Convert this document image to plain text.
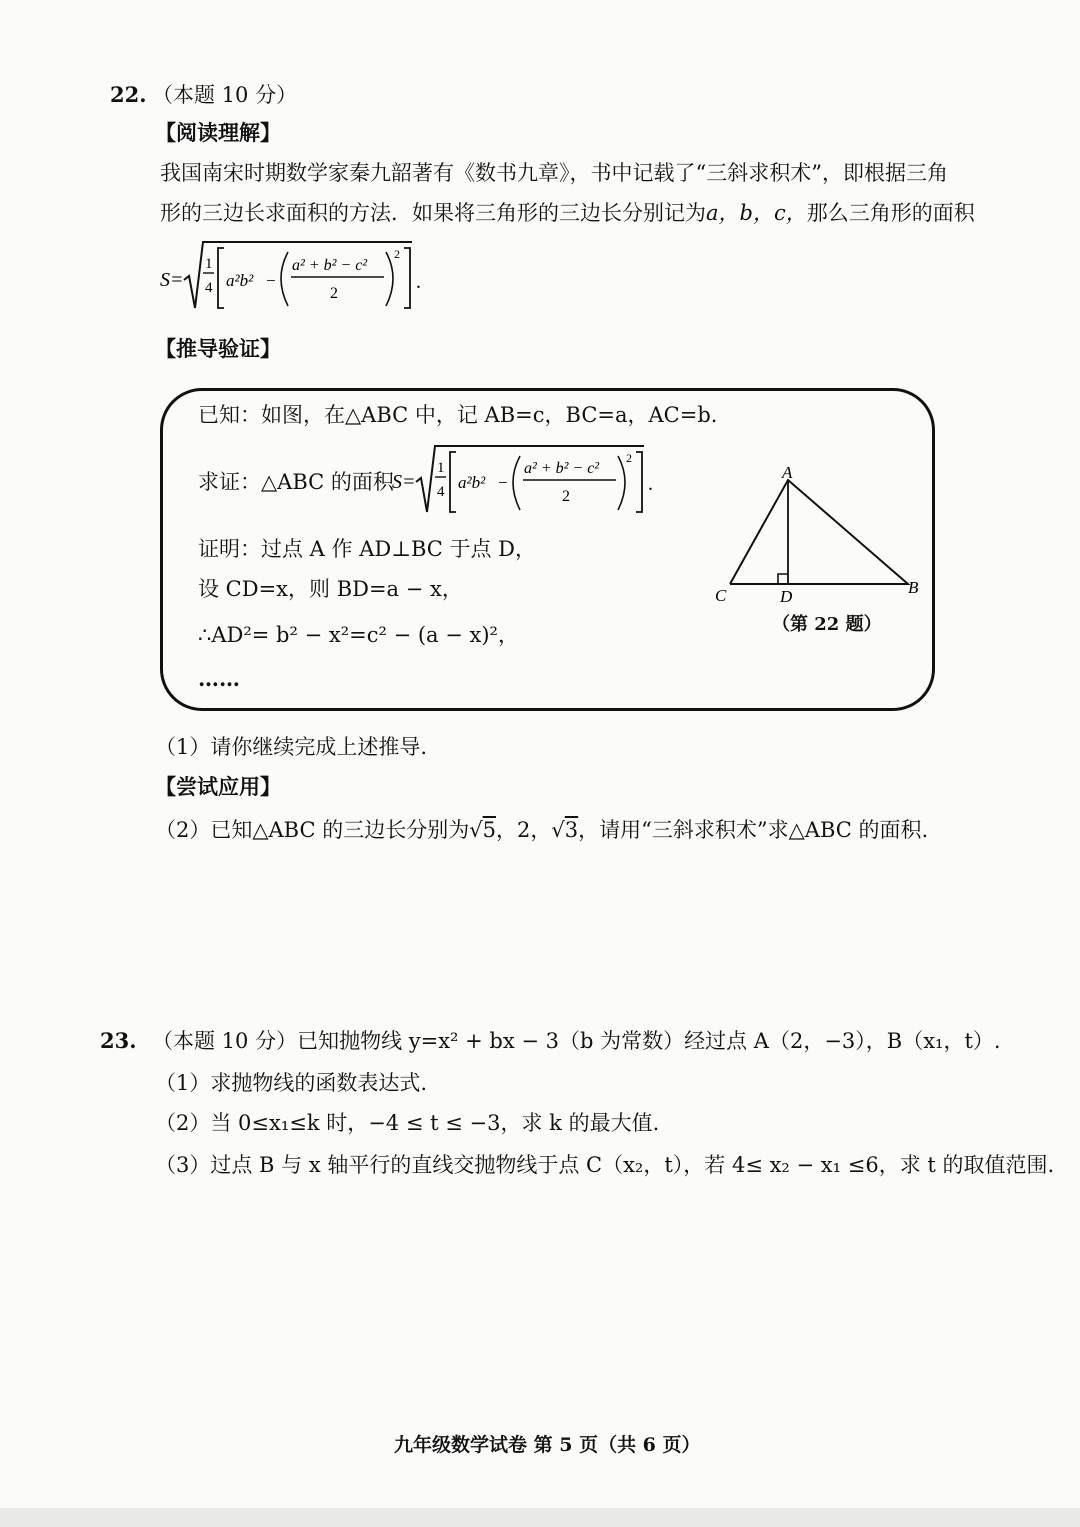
22. （本题 10 分）
【阅读理解】
我国南宋时期数学家秦九韶著有《数书九章》，书中记载了“三斜求积术”，即根据三角
形的三边长求面积的方法．如果将三角形的三边长分别记为a，b，c，那么三角形的面积
S=
1
4 a²b² −
a² + b² − c²
2
2
.
【推导验证】
已知：如图，在△ABC 中，记 AB=c，BC=a，AC=b.
求证：△ABC 的面积
S=
1
4 a²b² −
a² + b² − c²
2
2
.
证明：过点 A 作 AD⊥BC 于点 D，
设 CD=x，则 BD=a − x，
∴AD²= b² − x²=c² − (a − x)²，
……
A
B
C	D
（第 22 题）
（1）请你继续完成上述推导.
【尝试应用】
（2）已知△ABC 的三边长分别为√5，2，√3，请用“三斜求积术”求△ABC 的面积.
23. （本题 10 分）已知抛物线 y=x² + bx − 3（b 为常数）经过点 A（2，−3），B（x₁，t）.
（1）求抛物线的函数表达式.
（2）当 0≤x₁≤k 时，−4 ≤ t ≤ −3，求 k 的最大值.
（3）过点 B 与 x 轴平行的直线交抛物线于点 C（x₂，t），若 4≤ x₂ − x₁ ≤6，求 t 的取值范围.
九年级数学试卷 第 5 页（共 6 页）
